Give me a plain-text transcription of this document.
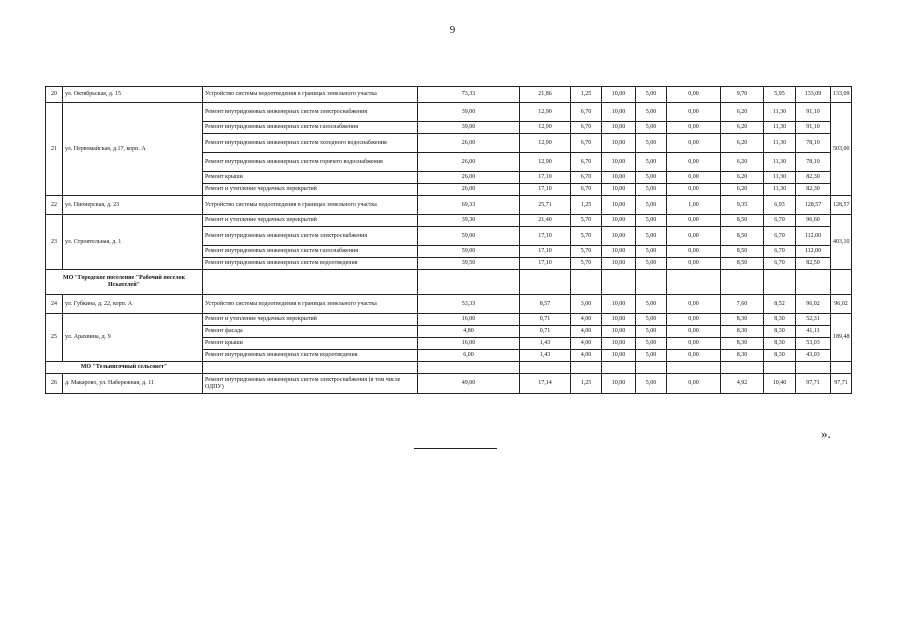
9
20	ул. Октябрьская, д. 15	Устройство системы водоотведения в границах земельного участка	73,33	21,86	1,25	10,00	5,00	0,00	9,70	5,95	133,09	133,09
21	ул. Первомайская, д.17, корп. А	Ремонт внутридомовых инженерных систем электроснабжения	39,00	12,90	6,70	10,00	5,00	0,00	6,20	11,30	91,10	503,00
		Ремонт внутридомовых инженерных систем газоснабжения	39,00	12,90	6,70	10,00	5,00	0,00	6,20	11,30	91,10	
		Ремонт внутридомовых инженерных систем холодного водоснабжения	26,00	12,90	6,70	10,00	5,00	0,00	6,20	11,30	78,10	
		Ремонт внутридомовых инженерных систем горячего водоснабжения	26,00	12,90	6,70	10,00	5,00	0,00	6,20	11,30	78,10	
		Ремонт крыши	26,00	17,10	6,70	10,00	5,00	0,00	6,20	11,30	82,30	
		Ремонт и утепление чердачных перекрытий	26,00	17,10	6,70	10,00	5,00	0,00	6,20	11,30	82,30	
22	ул. Пионерская, д. 23	Устройство системы водоотведения в границах земельного участка	69,33	25,71	1,25	10,00	5,00	1,00	9,35	6,93	128,57	128,57
23	ул. Строительная, д. 1	Ремонт и утепление чердачных перекрытий	39,30	21,40	5,70	10,00	5,00	0,00	8,50	6,70	96,60	403,10
		Ремонт внутридомовых инженерных систем электроснабжения	59,00	17,10	5,70	10,00	5,00	0,00	8,50	6,70	112,00	
		Ремонт внутридомовых инженерных систем газоснабжения	59,00	17,10	5,70	10,00	5,00	0,00	8,50	6,70	112,00	
		Ремонт внутридомовых инженерных систем водоотведения	39,50	17,10	5,70	10,00	5,00	0,00	8,50	6,70	82,50	
МО "Городское поселение "Рабочий поселок Искателей"												
24	ул. Губкина, д. 22, корп. А	Устройство системы водоотведения в границах земельного участка	53,33	8,57	3,00	10,00	5,00	0,00	7,60	8,52	96,02	96,02
25	ул. Арахвина, д. 9	Ремонт и утепление чердачных перекрытий	16,00	0,71	4,00	10,00	5,00	0,00	8,30	8,30	52,31	189,48
		Ремонт фасада	4,80	0,71	4,00	10,00	5,00	0,00	8,30	8,30	41,11	
		Ремонт крыши	16,00	1,43	4,00	10,00	5,00	0,00	8,30	8,30	53,03	
		Ремонт внутридомовых инженерных систем водоотведения	6,00	1,43	4,00	10,00	5,00	0,00	8,30	8,30	43,03	
МО "Тельвисочный сельсовет"												
26	д. Макарово, ул. Набережная, д. 11	Ремонт внутридомовых инженерных систем электроснабжения (в том числе ОДПУ)	49,00	17,14	1,25	10,00	5,00	0,00	4,92	10,40	97,71	97,71
».
